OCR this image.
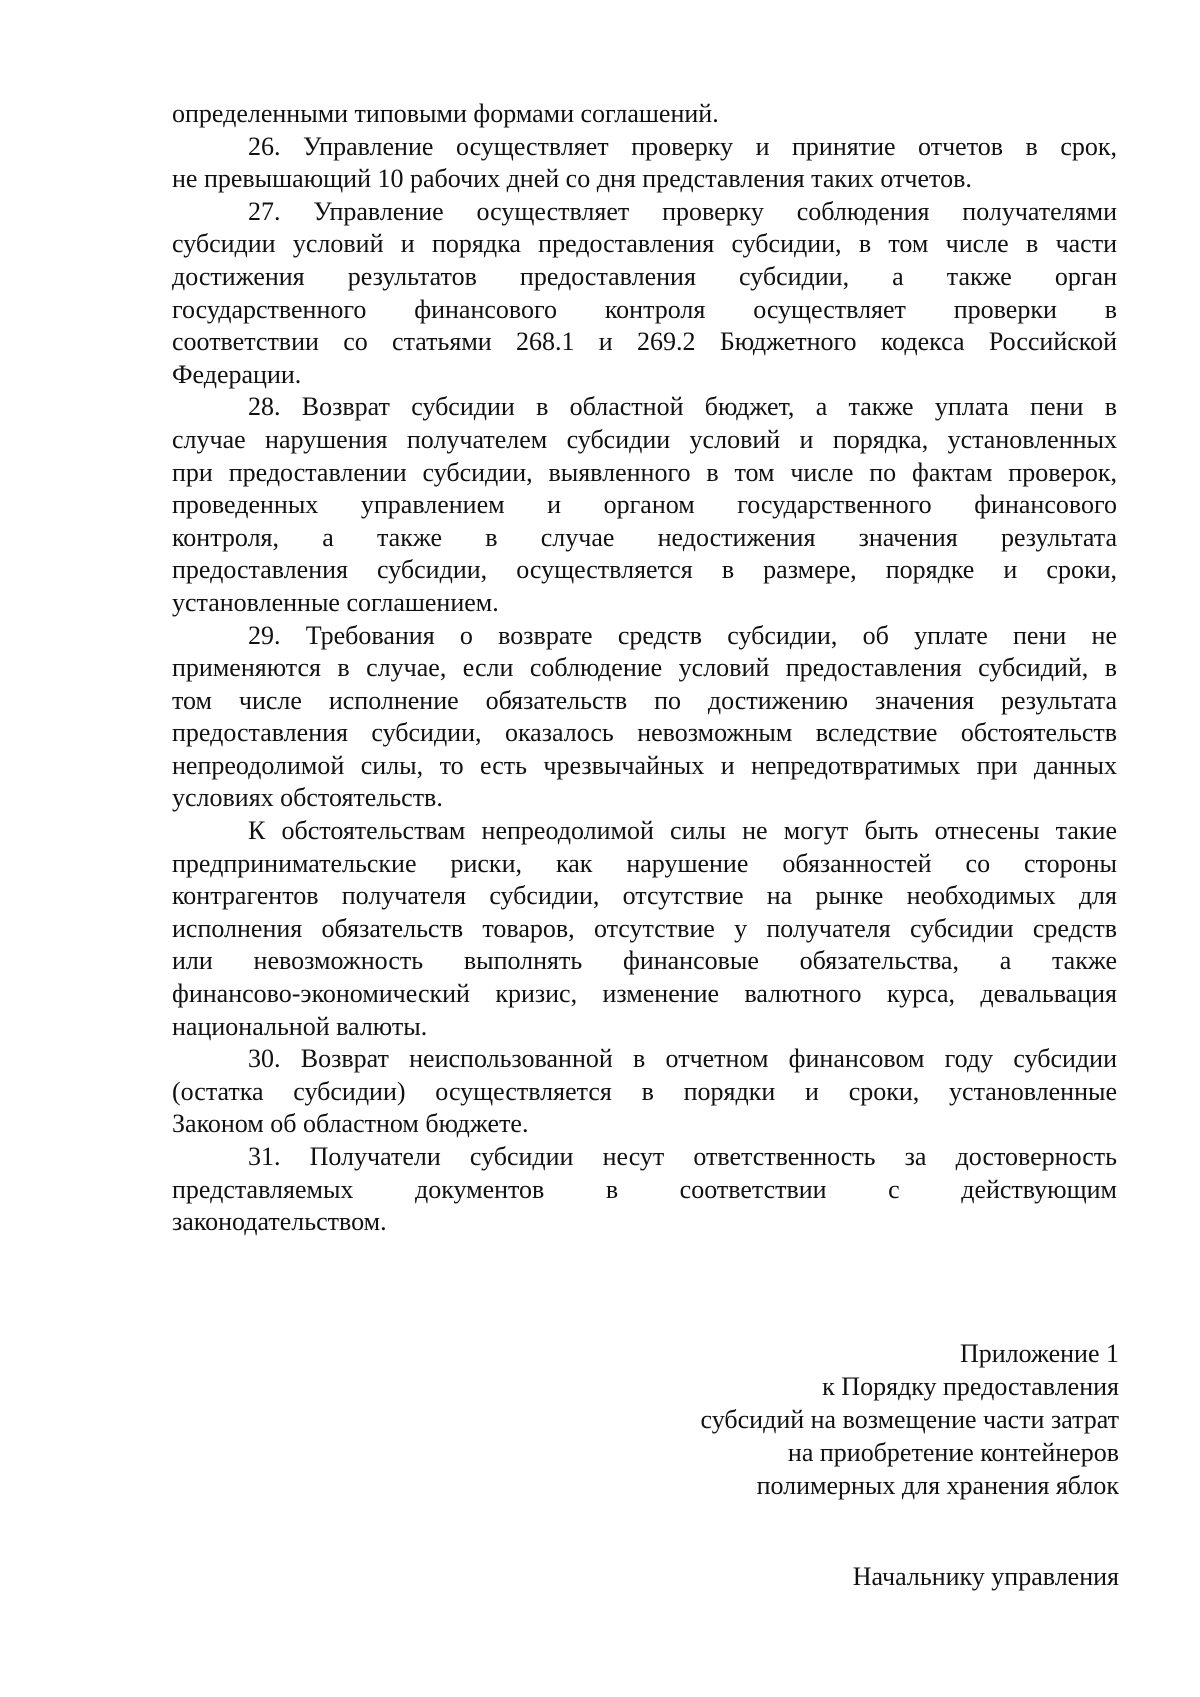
определенными типовыми формами соглашений.
26. Управление осуществляет проверку и принятие отчетов в срок,
не превышающий 10 рабочих дней со дня представления таких отчетов.
27. Управление осуществляет проверку соблюдения получателями
субсидии условий и порядка предоставления субсидии, в том числе в части
достижения результатов предоставления субсидии, а также орган
государственного финансового контроля осуществляет проверки в
соответствии со статьями 268.1 и 269.2 Бюджетного кодекса Российской
Федерации.
28. Возврат субсидии в областной бюджет, а также уплата пени в
случае нарушения получателем субсидии условий и порядка, установленных
при предоставлении субсидии, выявленного в том числе по фактам проверок,
проведенных управлением и органом государственного финансового
контроля, а также в случае недостижения значения результата
предоставления субсидии, осуществляется в размере, порядке и сроки,
установленные соглашением.
29. Требования о возврате средств субсидии, об уплате пени не
применяются в случае, если соблюдение условий предоставления субсидий, в
том числе исполнение обязательств по достижению значения результата
предоставления субсидии, оказалось невозможным вследствие обстоятельств
непреодолимой силы, то есть чрезвычайных и непредотвратимых при данных
условиях обстоятельств.
К обстоятельствам непреодолимой силы не могут быть отнесены такие
предпринимательские риски, как нарушение обязанностей со стороны
контрагентов получателя субсидии, отсутствие на рынке необходимых для
исполнения обязательств товаров, отсутствие у получателя субсидии средств
или невозможность выполнять финансовые обязательства, а также
финансово-экономический кризис, изменение валютного курса, девальвация
национальной валюты.
30. Возврат неиспользованной в отчетном финансовом году субсидии
(остатка субсидии) осуществляется в порядки и сроки, установленные
Законом об областном бюджете.
31. Получатели субсидии несут ответственность за достоверность
представляемых документов в соответствии с действующим
законодательством.
Приложение 1
к Порядку предоставления
субсидий на возмещение части затрат
на приобретение контейнеров
полимерных для хранения яблок
Начальнику управления
